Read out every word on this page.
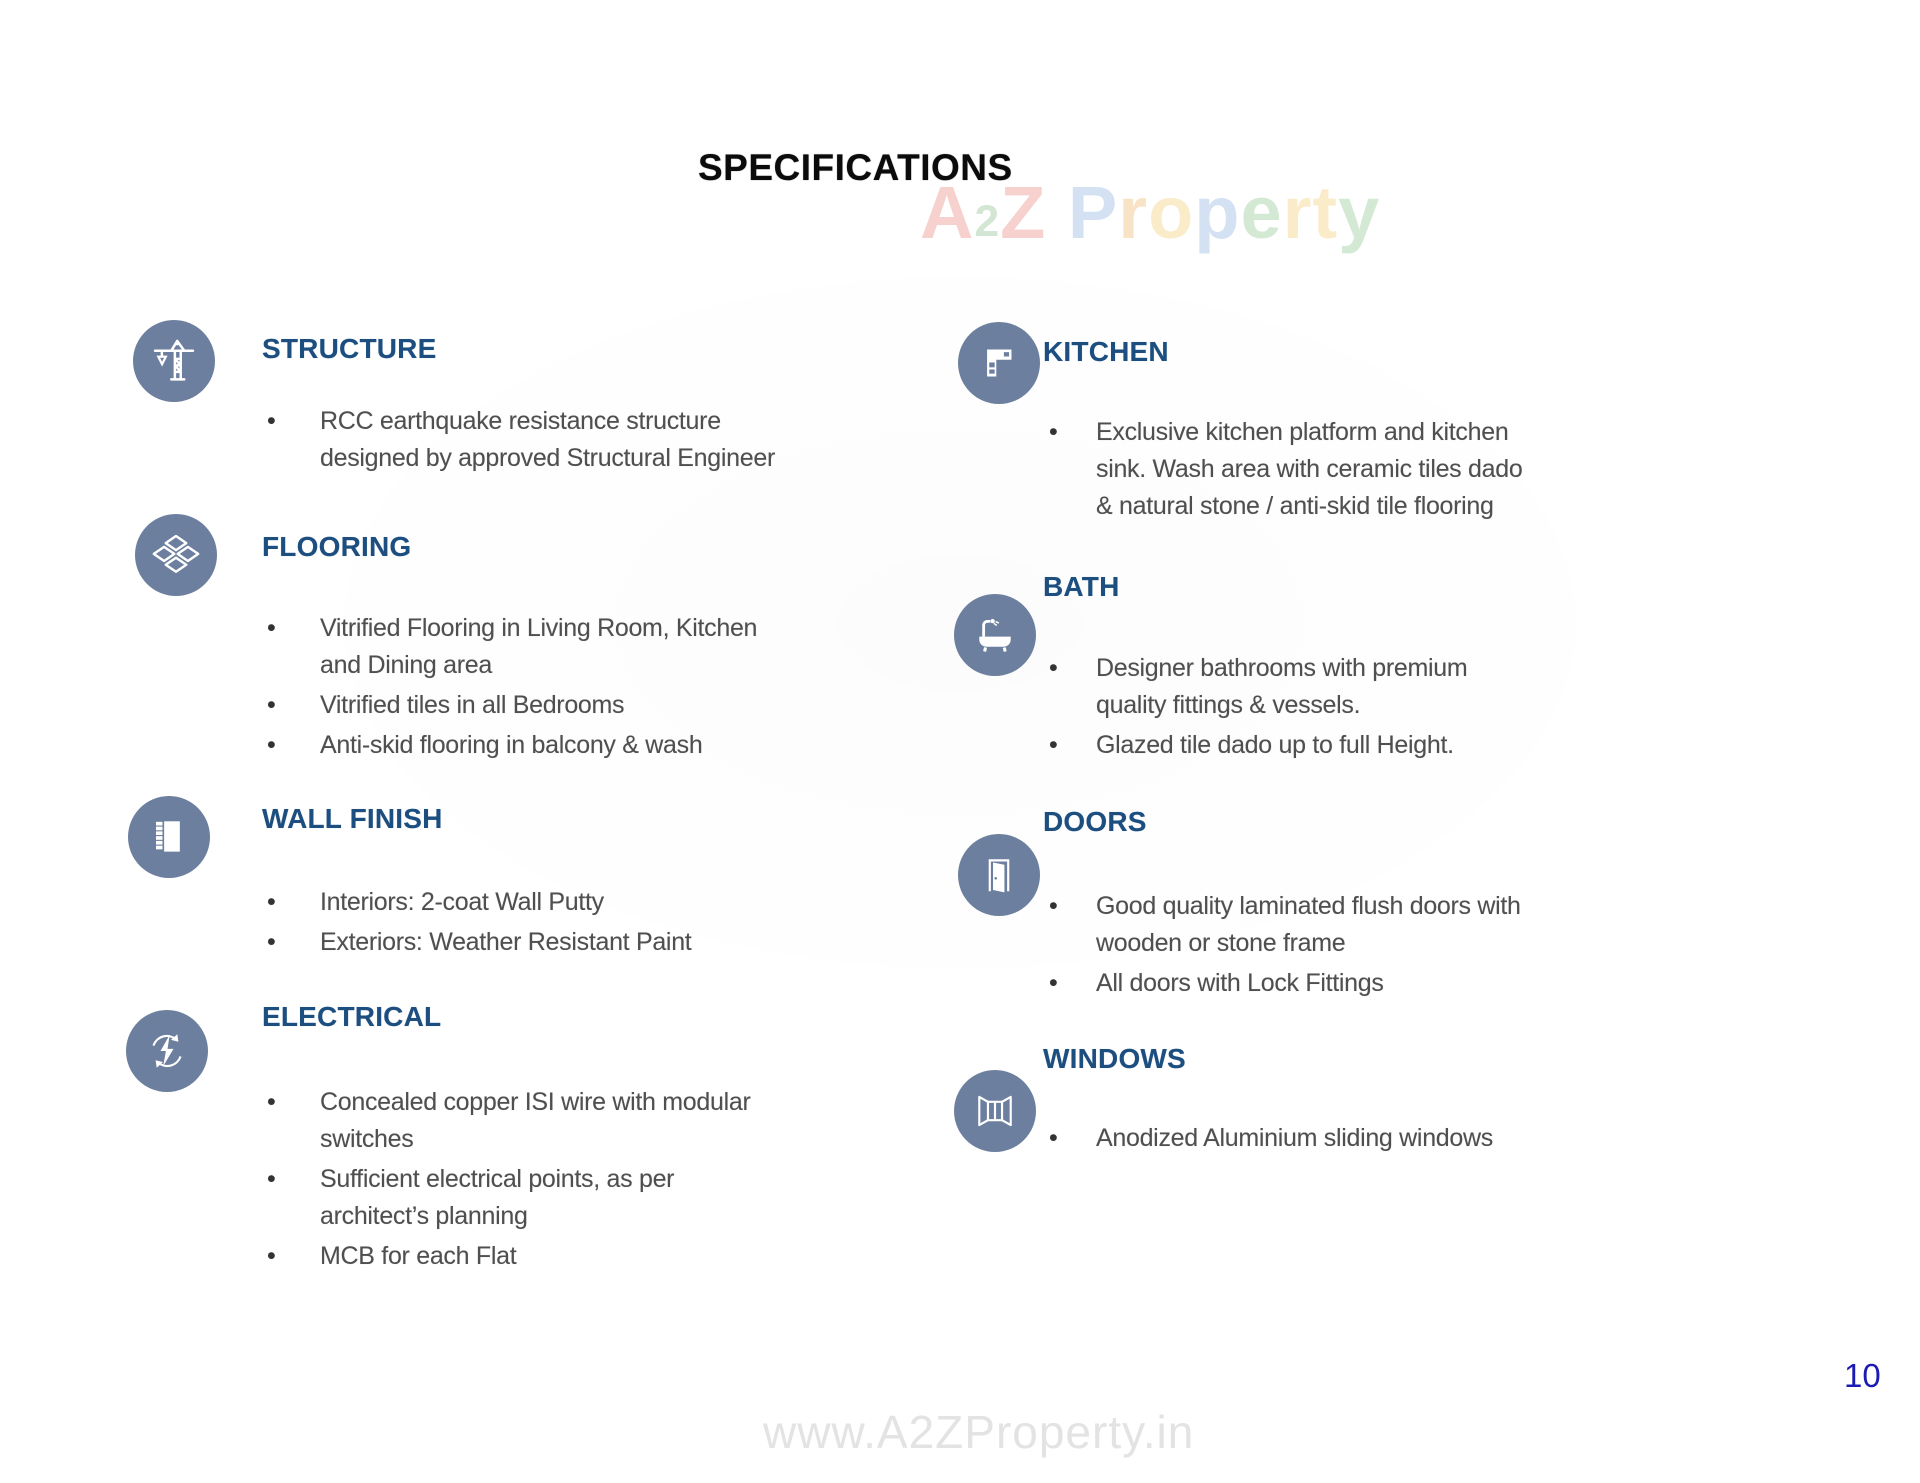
A2Z Property
SPECIFICATIONS
STRUCTURE
• RCC earthquake resistance structure designed by approved Structural Engineer
FLOORING
• Vitrified Flooring in Living Room, Kitchen and Dining area
• Vitrified tiles in all Bedrooms
• Anti-skid flooring in balcony & wash
WALL FINISH
• Interiors: 2-coat Wall Putty
• Exteriors: Weather Resistant Paint
ELECTRICAL
• Concealed copper ISI wire with modular switches
• Sufficient electrical points, as per architect’s planning
• MCB for each Flat
KITCHEN
• Exclusive kitchen platform and kitchen sink. Wash area with ceramic tiles dado & natural stone / anti-skid tile flooring
BATH
• Designer bathrooms with premium quality fittings & vessels.
• Glazed tile dado up to full Height.
DOORS
• Good quality laminated flush doors with wooden or stone frame
• All doors with Lock Fittings
WINDOWS
• Anodized Aluminium sliding windows
10
www.A2ZProperty.in
